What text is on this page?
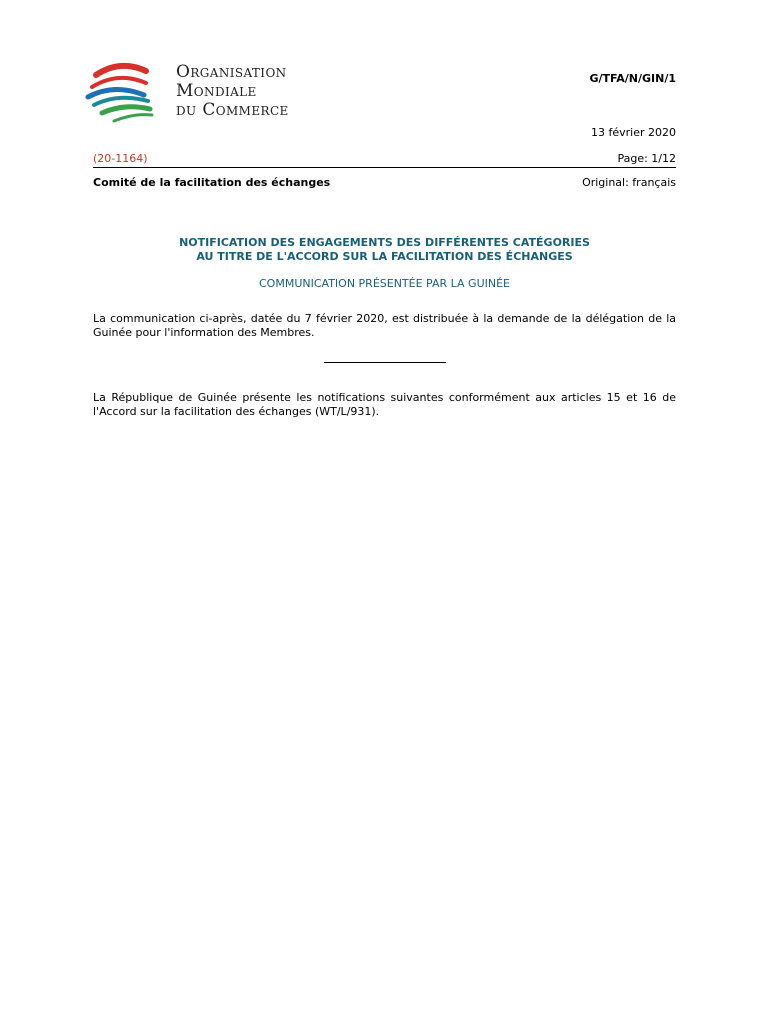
Organisation
Mondiale
du Commerce
G/TFA/N/GIN/1
13 février 2020
(20-1164)	Page: 1/12
Comité de la facilitation des échanges	Original: français
NOTIFICATION DES ENGAGEMENTS DES DIFFÉRENTES CATÉGORIES
AU TITRE DE L'ACCORD SUR LA FACILITATION DES ÉCHANGES
COMMUNICATION PRÉSENTÉE PAR LA GUINÉE
La communication ci-après, datée du 7 février 2020, est distribuée à la demande de la délégation de la Guinée pour l'information des Membres.
La République de Guinée présente les notifications suivantes conformément aux articles 15 et 16 de l'Accord sur la facilitation des échanges (WT/L/931).
